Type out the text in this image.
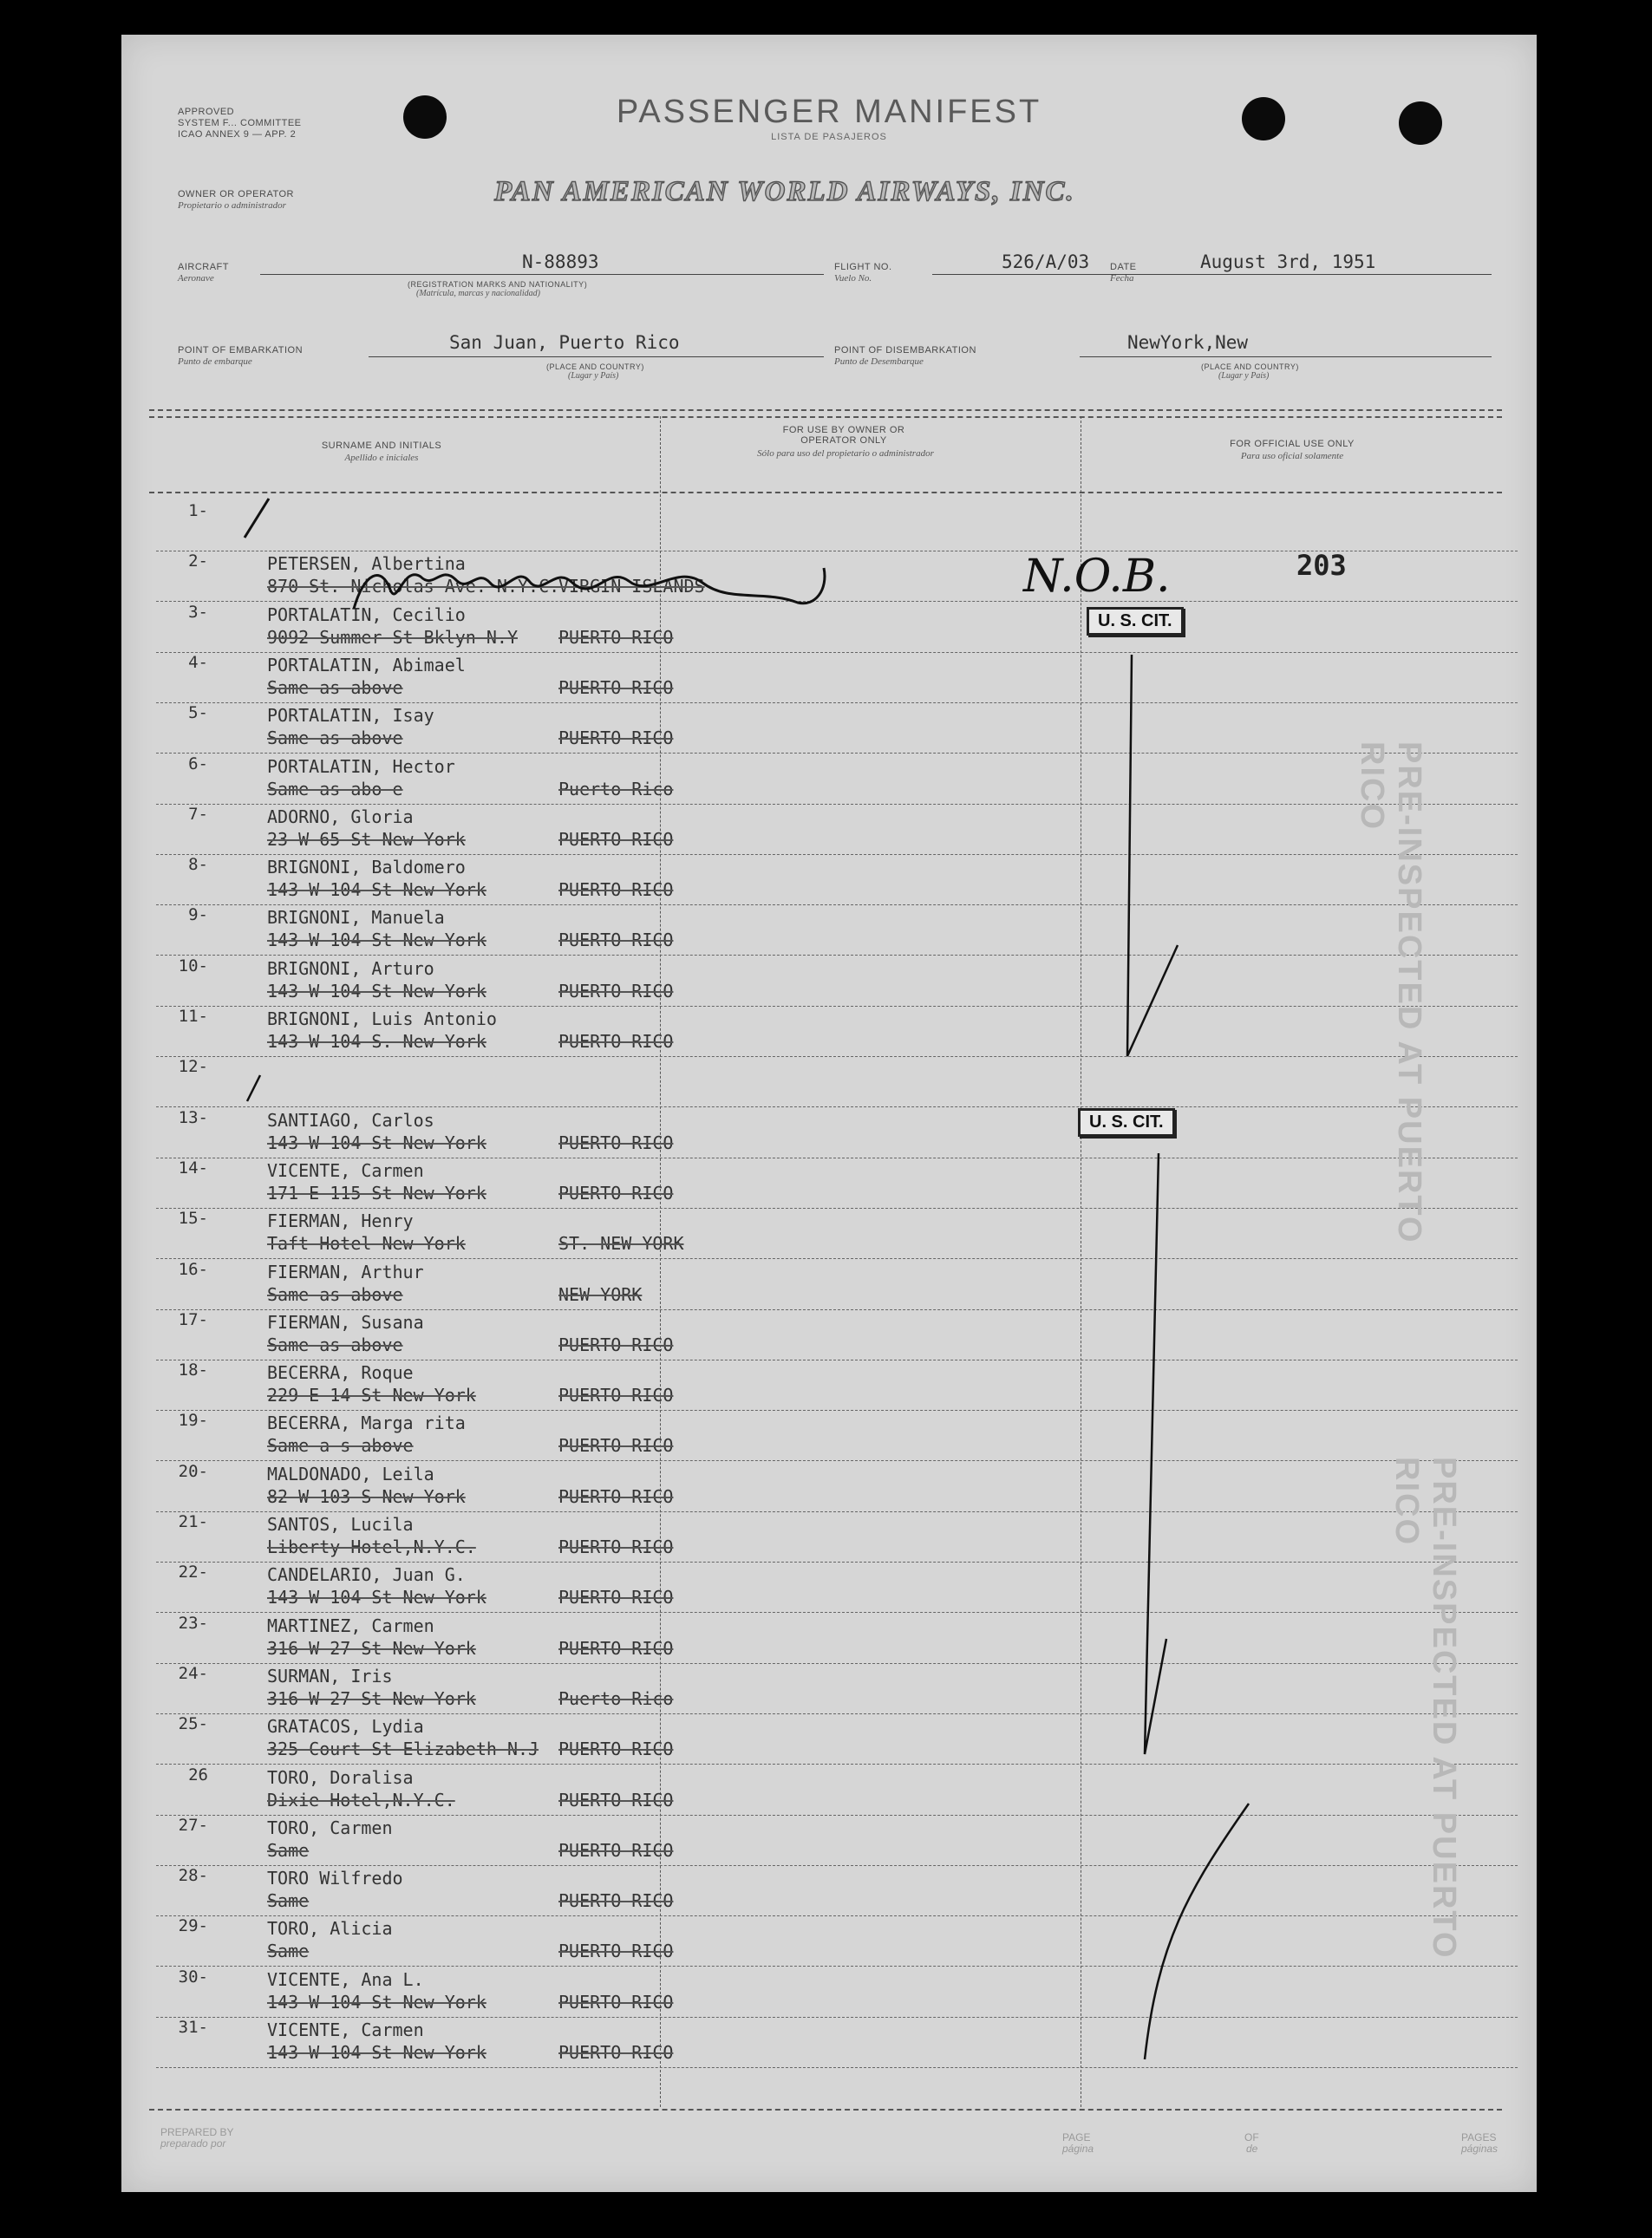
APPROVED
SYSTEM F... COMMITTEE
ICAO ANNEX 9 — APP. 2
PASSENGER MANIFEST
LISTA DE PASAJEROS
OWNER OR OPERATOR
Propietario o administrador	PAN AMERICAN WORLD AIRWAYS, INC.
AIRCRAFT
Aeronave
N-88893
(REGISTRATION MARKS AND NATIONALITY)
(Matrícula, marcas y nacionalidad)
FLIGHT NO.
Vuelo No.
526/A/03 DATE
Fecha
August 3rd, 1951
POINT OF EMBARKATION
Punto de embarque
San Juan, Puerto Rico
(PLACE AND COUNTRY)
(Lugar y País)
POINT OF DISEMBARKATION
Punto de Desembarque
NewYork,New
(PLACE AND COUNTRY)
(Lugar y País)
SURNAME AND INITIALS
Apellido e iniciales
FOR USE BY OWNER OR OPERATOR ONLY
Sólo para uso del propietario o administrador
FOR OFFICIAL USE ONLY
Para uso oficial solamente
1-
2-	PETERSEN, Albertina
870 St. Nicholas Ave. N.Y.C.
VIRGIN ISLANDS
3-	PORTALATIN, Cecilio
9092 Summer St Bklyn N.Y PUERTO RICO
4-	PORTALATIN, Abimael
Same as above	PUERTO RICO
5-	PORTALATIN, Isay
Same as above	PUERTO RICO
6-	PORTALATIN, Hector
Same as abo e	Puerto Rico
7-	ADORNO, Gloria
23 W 65 St New York	PUERTO RICO
8-	BRIGNONI, Baldomero
143 W 104 St New York	PUERTO RICO
9-	BRIGNONI, Manuela
143 W 104 St New York	PUERTO RICO
10-	BRIGNONI, Arturo
143 W 104 St New York	PUERTO RICO
11-	BRIGNONI, Luis Antonio
143 W 104 S. New York	PUERTO RICO
12-
13-	SANTIAGO, Carlos
143 W 104 St New York	PUERTO RICO
14-	VICENTE, Carmen
171 E 115 St New York	PUERTO RICO
15-	FIERMAN, Henry
Taft Hotel New York	ST. NEW YORK
16-	FIERMAN, Arthur
Same as above	NEW YORK
17-	FIERMAN, Susana
Same as above	PUERTO RICO
18-	BECERRA, Roque
229 E 14 St New York	PUERTO RICO
19-	BECERRA, Marga rita
Same a s above	PUERTO RICO
20-	MALDONADO, Leila
82 W 103 S New York	PUERTO RICO
21-	SANTOS, Lucila
Liberty Hotel,N.Y.C.	PUERTO RICO
22-	CANDELARIO, Juan G.
143 W 104 St New York	PUERTO RICO
23-	MARTINEZ, Carmen
316 W 27 St New York	PUERTO RICO
24-	SURMAN, Iris
316 W 27 St New York	Puerto Rico
25-	GRATACOS, Lydia
325 Court St Elizabeth N.J PUERTO RICO
26	TORO, Doralisa
Dixie Hotel,N.Y.C.	PUERTO RICO
27-	TORO, Carmen
Same	PUERTO RICO
28-	TORO Wilfredo
Same	PUERTO RICO
29-	TORO, Alicia
Same	PUERTO RICO
30-	VICENTE, Ana L.
143 W 104 St New York	PUERTO RICO
31-	VICENTE, Carmen
143 W 104 St New York	PUERTO RICO
N.O.B.	203
U. S. CIT.
U. S. CIT.	PRE-INSPECTED AT PUERTO RICO
PRE-INSPECTED AT PUERTO RICO
PREPARED BY
preparado por	PAGE
página
OF
de
PAGES
páginas
